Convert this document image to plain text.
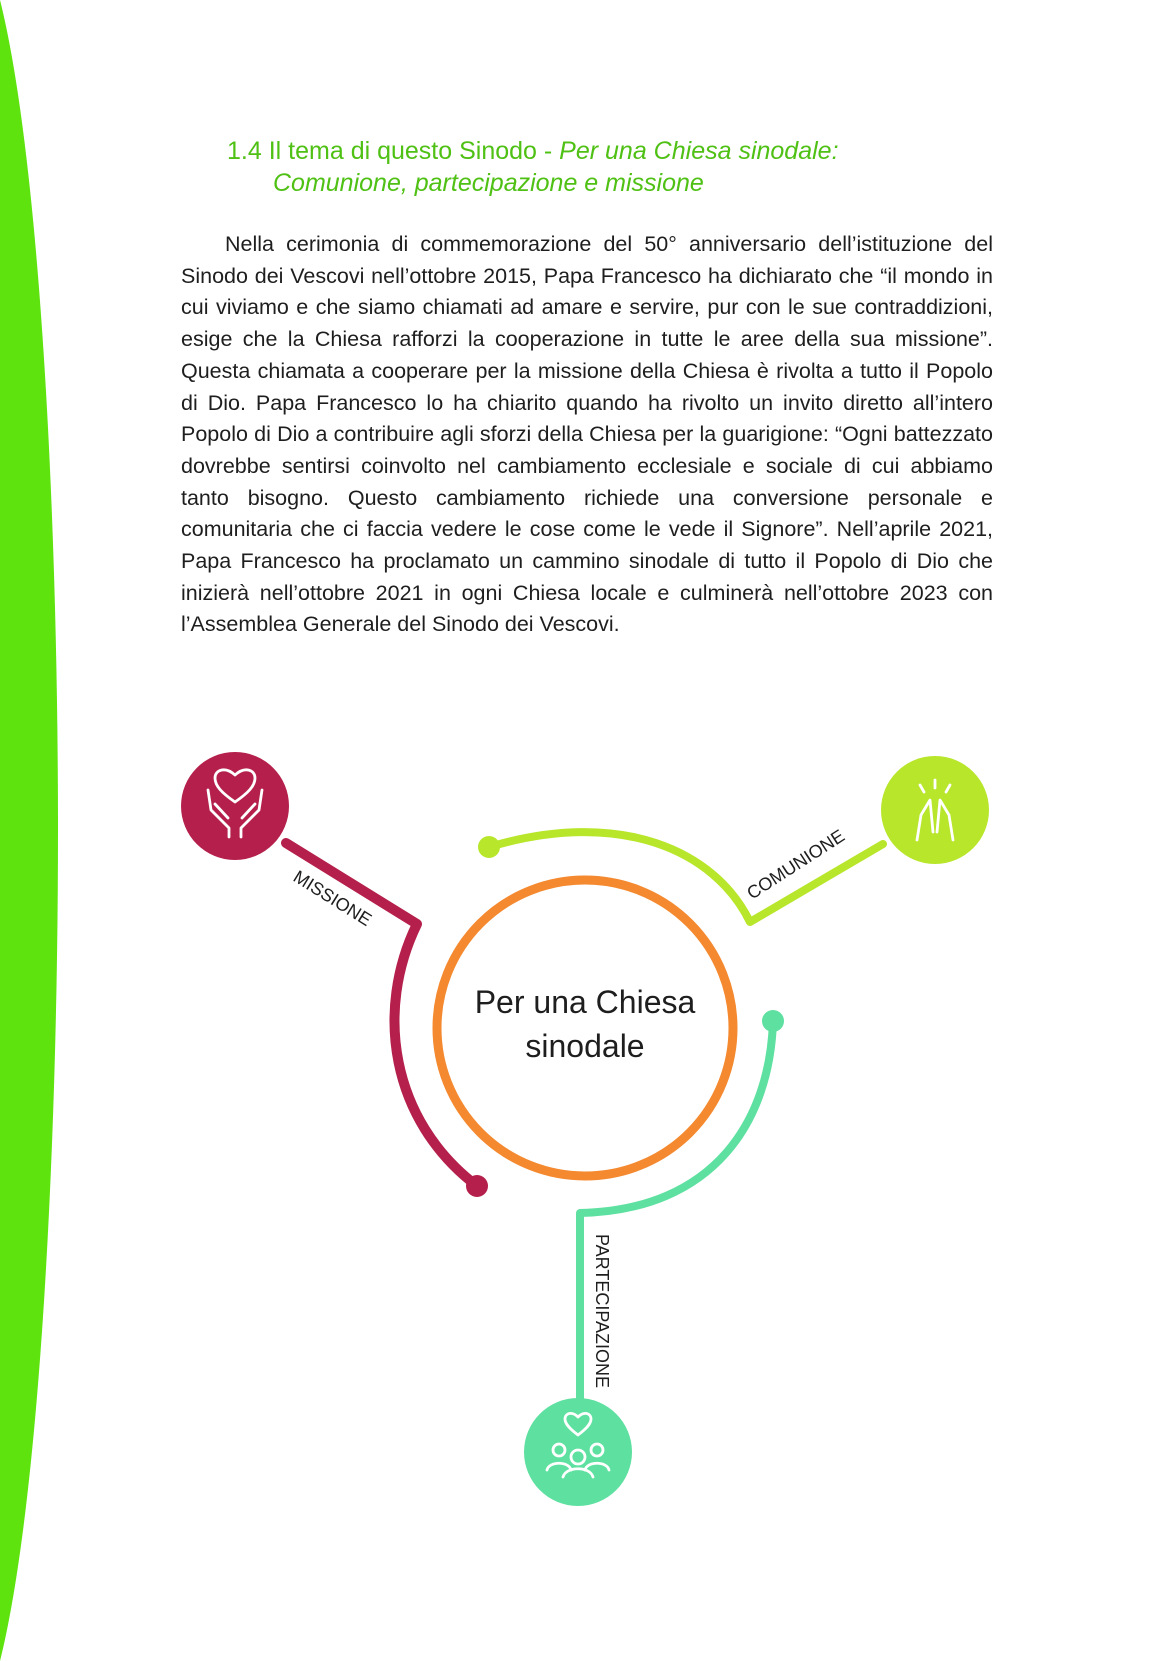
1.4 Il tema di questo Sinodo - Per una Chiesa sinodale:
Comunione, partecipazione e missione

Nella cerimonia di commemorazione del 50° anniversario dell’istituzione del Sinodo dei Vescovi nell’ottobre 2015, Papa Francesco ha dichiarato che “il mondo in cui viviamo e che siamo chiamati ad amare e servire, pur con le sue contraddizioni, esige che la Chiesa rafforzi la cooperazione in tutte le aree della sua missione”. Questa chiamata a cooperare per la missione della Chiesa è rivolta a tutto il Popolo di Dio. Papa Francesco lo ha chiarito quando ha rivolto un invito diretto all’intero Popolo di Dio a contribuire agli sforzi della Chiesa per la guarigione: “Ogni battezzato dovrebbe sentirsi coinvolto nel cambiamento ecclesiale e sociale di cui abbiamo tanto bisogno. Questo cambiamento richiede una conversione personale e comunitaria che ci faccia vedere le cose come le vede il Signore”. Nell’aprile 2021, Papa Francesco ha proclamato un cammino sinodale di tutto il Popolo di Dio che inizierà nell’ottobre 2021 in ogni Chiesa locale e culminerà nell’ottobre 2023 con l’Assemblea Generale del Sinodo dei Vescovi.

MISSIONE	COMUNIONE
PARTECIPAZIONE
Per una Chiesa
sinodale
